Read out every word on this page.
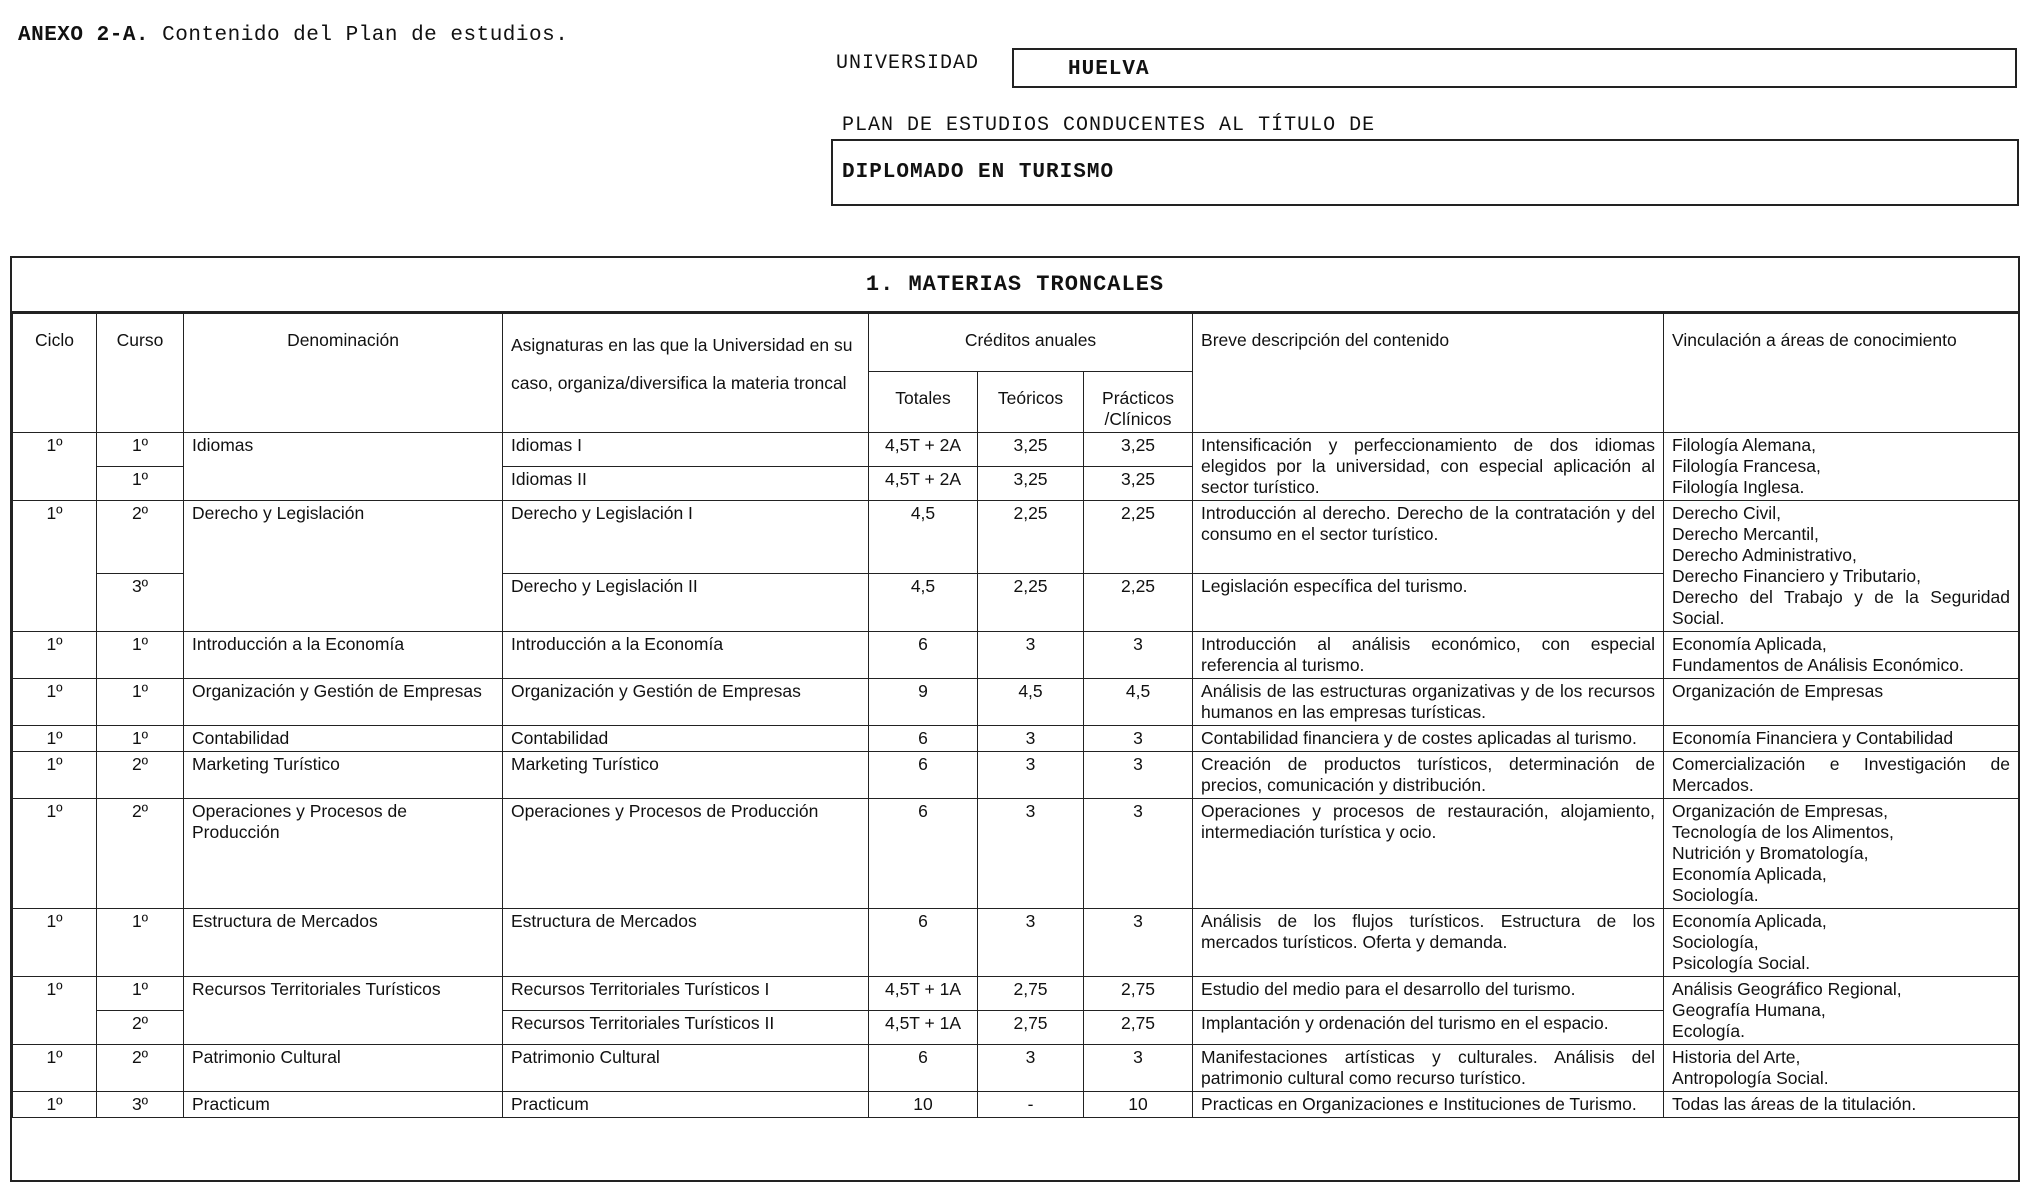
ANEXO 2-A. Contenido del Plan de estudios.
UNIVERSIDAD	HUELVA
PLAN DE ESTUDIOS CONDUCENTES AL TÍTULO DE
DIPLOMADO EN TURISMO
1. MATERIAS TRONCALES
Ciclo	Curso	Denominación	Asignaturas en las que la Universidad en su caso, organiza/diversifica la materia troncal	Créditos anuales			Breve descripción del contenido	Vinculación a áreas de conocimiento
				Totales	Teóricos	Prácticos /Clínicos		
1º	1º	Idiomas	Idiomas I	4,5T + 2A	3,25	3,25	Intensificación y perfeccionamiento de dos idiomas elegidos por la universidad, con especial aplicación al sector turístico.	Filología Alemana,
Filología Francesa,
Filología Inglesa.
	1º		Idiomas II	4,5T + 2A	3,25	3,25		
1º	2º	Derecho y Legislación	Derecho y Legislación I	4,5	2,25	2,25	Introducción al derecho. Derecho de la contratación y del consumo en el sector turístico.	Derecho Civil,
Derecho Mercantil,
Derecho Administrativo,
Derecho Financiero y Tributario,
Derecho del Trabajo y de la Seguridad Social.
	3º		Derecho y Legislación II	4,5	2,25	2,25	Legislación específica del turismo.	
1º	1º	Introducción a la Economía	Introducción a la Economía	6	3	3	Introducción al análisis económico, con especial referencia al turismo.	Economía Aplicada,
Fundamentos de Análisis Económico.
1º	1º	Organización y Gestión de Empresas	Organización y Gestión de Empresas	9	4,5	4,5	Análisis de las estructuras organizativas y de los recursos humanos en las empresas turísticas.	Organización de Empresas
1º	1º	Contabilidad	Contabilidad	6	3	3	Contabilidad financiera y de costes aplicadas al turismo.	Economía Financiera y Contabilidad
1º	2º	Marketing Turístico	Marketing Turístico	6	3	3	Creación de productos turísticos, determinación de precios, comunicación y distribución.	Comercialización e Investigación de Mercados.
1º	2º	Operaciones y Procesos de Producción	Operaciones y Procesos de Producción	6	3	3	Operaciones y procesos de restauración, alojamiento, intermediación turística y ocio.	Organización de Empresas,
Tecnología de los Alimentos,
Nutrición y Bromatología,
Economía Aplicada,
Sociología.
1º	1º	Estructura de Mercados	Estructura de Mercados	6	3	3	Análisis de los flujos turísticos. Estructura de los mercados turísticos. Oferta y demanda.	Economía Aplicada,
Sociología,
Psicología Social.
1º	1º	Recursos Territoriales Turísticos	Recursos Territoriales Turísticos I	4,5T + 1A	2,75	2,75	Estudio del medio para el desarrollo del turismo.	Análisis Geográfico Regional,
Geografía Humana,
Ecología.
	2º		Recursos Territoriales Turísticos II	4,5T + 1A	2,75	2,75	Implantación y ordenación del turismo en el espacio.	
1º	2º	Patrimonio Cultural	Patrimonio Cultural	6	3	3	Manifestaciones artísticas y culturales. Análisis del patrimonio cultural como recurso turístico.	Historia del Arte,
Antropología Social.
1º	3º	Practicum	Practicum	10	-	10	Practicas en Organizaciones e Instituciones de Turismo.	Todas las áreas de la titulación.
